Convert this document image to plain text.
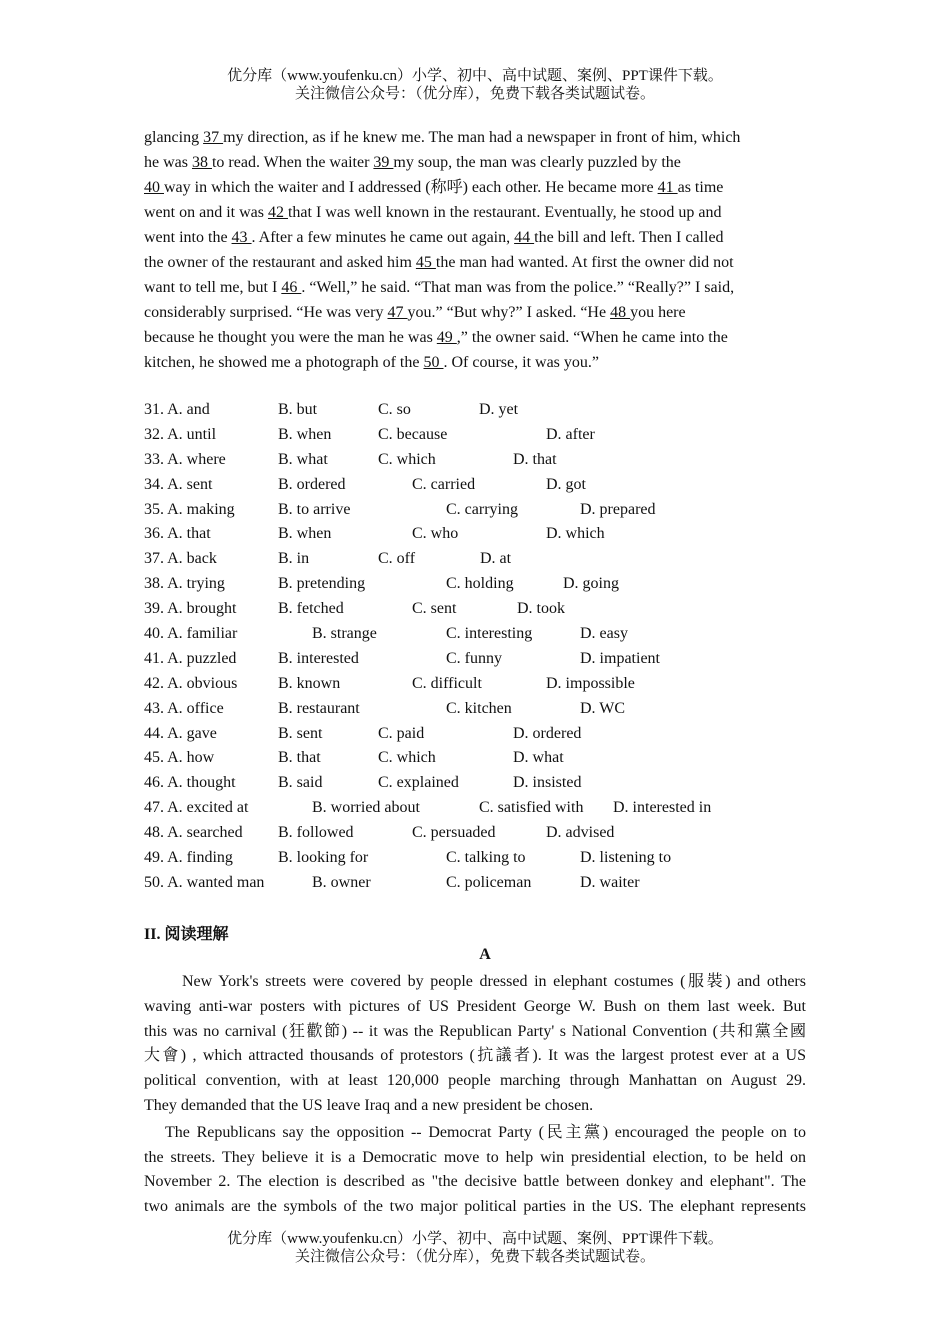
优分库（www.youfenku.cn）小学、初中、高中试题、案例、PPT课件下载。
关注微信公众号：（优分库），免费下载各类试题试卷。
glancing 37 my direction, as if he knew me. The man had a newspaper in front of him, which
he was 38 to read. When the waiter 39 my soup, the man was clearly puzzled by the
40 way in which the waiter and I addressed (称呼) each other. He became more 41 as time
went on and it was 42 that I was well known in the restaurant. Eventually, he stood up and
went into the 43 . After a few minutes he came out again, 44 the bill and left. Then I called
the owner of the restaurant and asked him 45 the man had wanted. At first the owner did not
want to tell me, but I 46 . “Well,” he said. “That man was from the police.” “Really?” I said,
considerably surprised. “He was very 47 you.” “But why?” I asked. “He 48 you here
because he thought you were the man he was 49 ,” the owner said. “When he came into the
kitchen, he showed me a photograph of the 50 . Of course, it was you.”
31. A. and	B. but	C. so	D. yet
32. A. until	B. when	C. because	D. after
33. A. where	B. what	C. which	D. that
34. A. sent	B. ordered	C. carried	D. got
35. A. making	B. to arrive	C. carrying	D. prepared
36. A. that	B. when	C. who	D. which
37. A. back	B. in	C. off	D. at
38. A. trying	B. pretending	C. holding	D. going
39. A. brought	B. fetched	C. sent	D. took
40. A. familiar	B. strange	C. interesting	D. easy
41. A. puzzled	B. interested	C. funny	D. impatient
42. A. obvious	B. known	C. difficult	D. impossible
43. A. office	B. restaurant	C. kitchen	D. WC
44. A. gave	B. sent	C. paid	D. ordered
45. A. how	B. that	C. which	D. what
46. A. thought	B. said	C. explained	D. insisted
47. A. excited at	B. worried about	C. satisfied with D. interested in
48. A. searched B. followed	C. persuaded	D. advised
49. A. finding	B. looking for	C. talking to	D. listening to
50. A. wanted man	B. owner	C. policeman	D. waiter
II. 阅读理解
A
New York's streets were covered by people dressed in elephant costumes (服裝) and others
waving anti-war posters with pictures of US President George W. Bush on them last week. But
this was no carnival (狂歡節) -- it was the Republican Party' s National Convention (共和黨全國
大會) , which attracted thousands of protestors (抗議者). It was the largest protest ever at a US
political convention, with at least 120,000 people marching through Manhattan on August 29.
They demanded that the US leave Iraq and a new president be chosen.
The Republicans say the opposition -- Democrat Party (民主黨) encouraged the people on to
the streets. They believe it is a Democratic move to help win presidential election, to be held on
November 2. The election is described as "the decisive battle between donkey and elephant". The
two animals are the symbols of the two major political parties in the US. The elephant represents
优分库（www.youfenku.cn）小学、初中、高中试题、案例、PPT课件下载。
关注微信公众号：（优分库），免费下载各类试题试卷。
